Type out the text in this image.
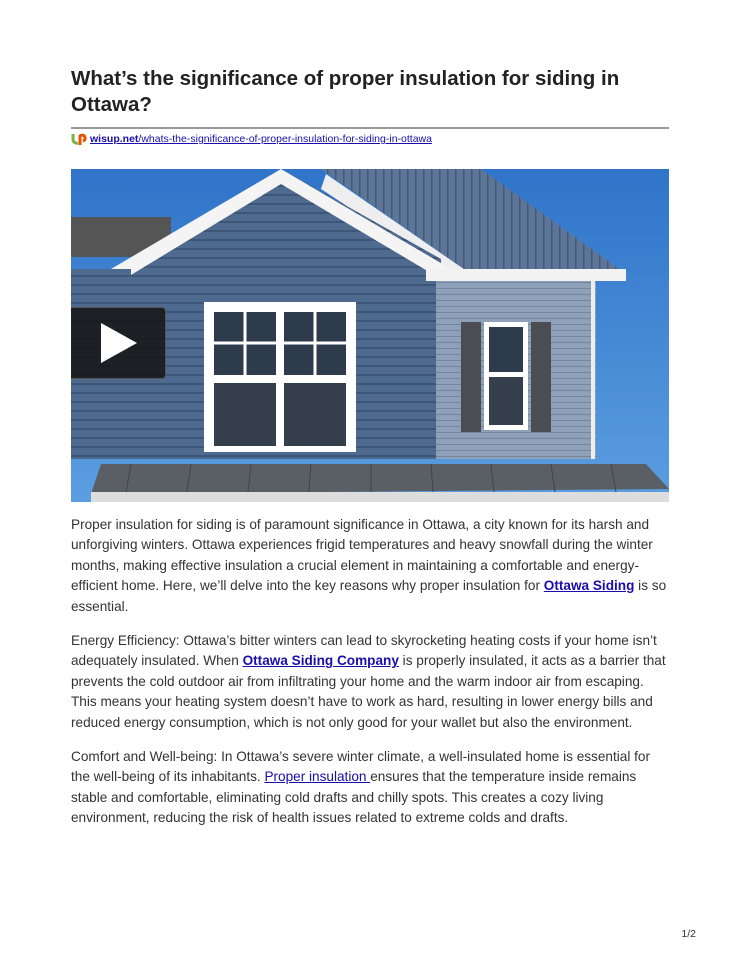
What’s the significance of proper insulation for siding in Ottawa?
wisup.net/whats-the-significance-of-proper-insulation-for-siding-in-ottawa

Proper insulation for siding is of paramount significance in Ottawa, a city known for its harsh and unforgiving winters. Ottawa experiences frigid temperatures and heavy snowfall during the winter months, making effective insulation a crucial element in maintaining a comfortable and energy-efficient home. Here, we’ll delve into the key reasons why proper insulation for Ottawa Siding is so essential.

Energy Efficiency: Ottawa’s bitter winters can lead to skyrocketing heating costs if your home isn’t adequately insulated. When Ottawa Siding Company is properly insulated, it acts as a barrier that prevents the cold outdoor air from infiltrating your home and the warm indoor air from escaping. This means your heating system doesn’t have to work as hard, resulting in lower energy bills and reduced energy consumption, which is not only good for your wallet but also the environment.

Comfort and Well-being: In Ottawa’s severe winter climate, a well-insulated home is essential for the well-being of its inhabitants. Proper insulation ensures that the temperature inside remains stable and comfortable, eliminating cold drafts and chilly spots. This creates a cozy living environment, reducing the risk of health issues related to extreme colds and drafts.

1/2
